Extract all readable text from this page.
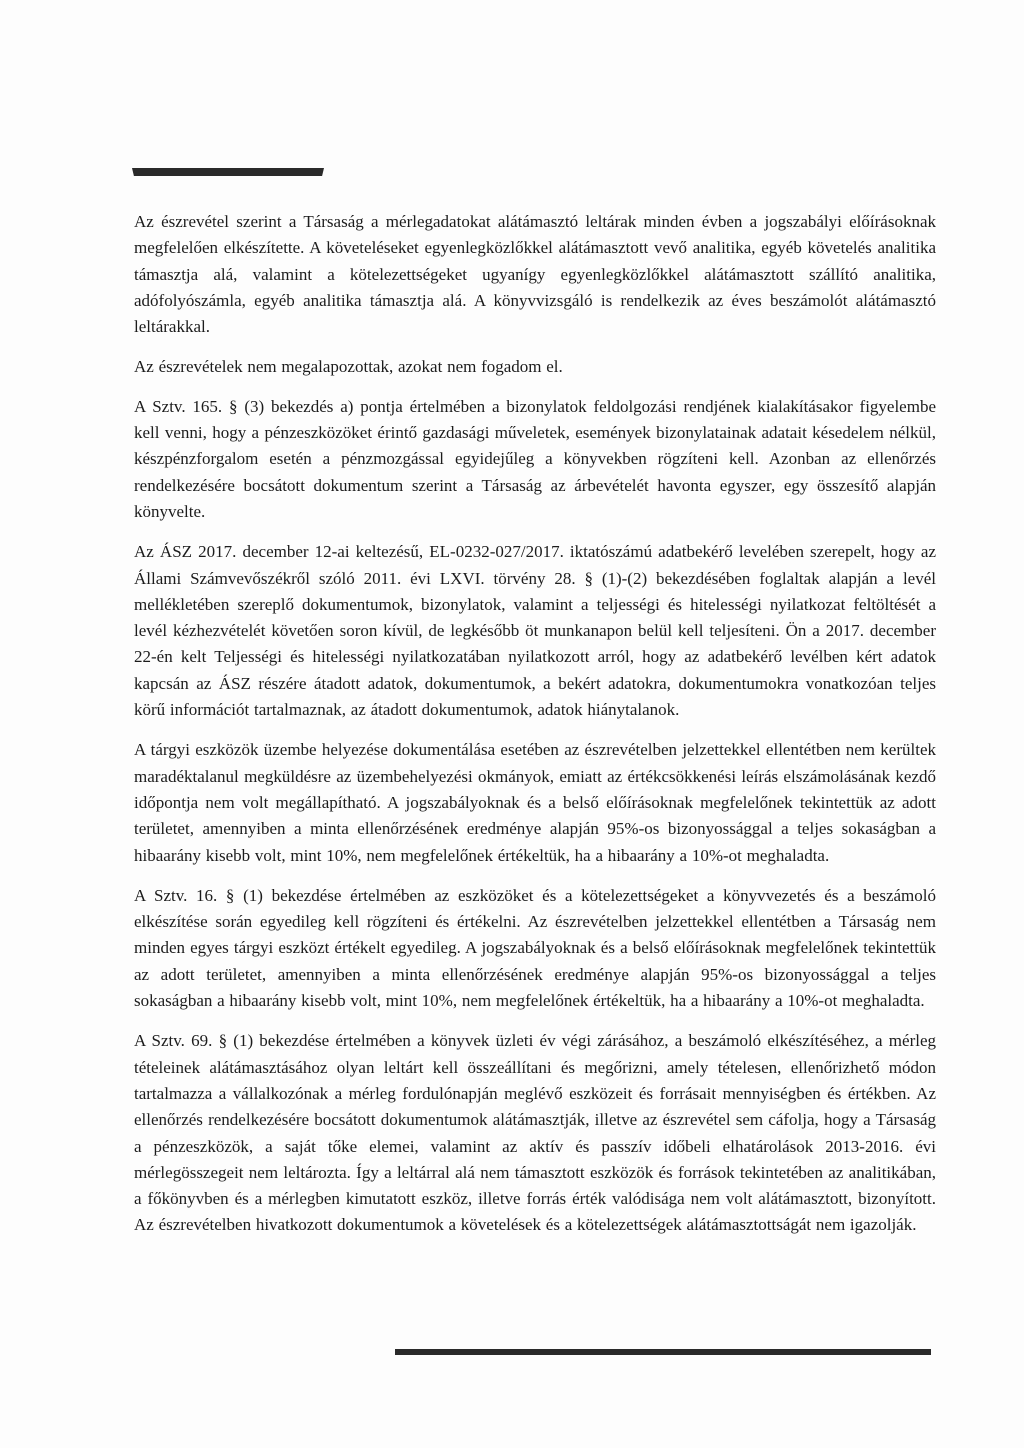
Az észrevétel szerint a Társaság a mérlegadatokat alátámasztó leltárak minden évben a jogszabályi előírásoknak megfelelően elkészítette. A követeléseket egyenlegközlőkkel alátámasztott vevő analitika, egyéb követelés analitika támasztja alá, valamint a kötelezettségeket ugyanígy egyenlegközlőkkel alátámasztott szállító analitika, adófolyószámla, egyéb analitika támasztja alá. A könyvvizsgáló is rendelkezik az éves beszámolót alátámasztó leltárakkal.

Az észrevételek nem megalapozottak, azokat nem fogadom el.

A Sztv. 165. § (3) bekezdés a) pontja értelmében a bizonylatok feldolgozási rendjének kialakításakor figyelembe kell venni, hogy a pénzeszközöket érintő gazdasági műveletek, események bizonylatainak adatait késedelem nélkül, készpénzforgalom esetén a pénzmozgással egyidejűleg a könyvekben rögzíteni kell. Azonban az ellenőrzés rendelkezésére bocsátott dokumentum szerint a Társaság az árbevételét havonta egyszer, egy összesítő alapján könyvelte.

Az ÁSZ 2017. december 12-ai keltezésű, EL-0232-027/2017. iktatószámú adatbekérő levelében szerepelt, hogy az Állami Számvevőszékről szóló 2011. évi LXVI. törvény 28. § (1)-(2) bekezdésében foglaltak alapján a levél mellékletében szereplő dokumentumok, bizonylatok, valamint a teljességi és hitelességi nyilatkozat feltöltését a levél kézhezvételét követően soron kívül, de legkésőbb öt munkanapon belül kell teljesíteni. Ön a 2017. december 22-én kelt Teljességi és hitelességi nyilatkozatában nyilatkozott arról, hogy az adatbekérő levélben kért adatok kapcsán az ÁSZ részére átadott adatok, dokumentumok, a bekért adatokra, dokumentumokra vonatkozóan teljes körű információt tartalmaznak, az átadott dokumentumok, adatok hiánytalanok.

A tárgyi eszközök üzembe helyezése dokumentálása esetében az észrevételben jelzettekkel ellentétben nem kerültek maradéktalanul megküldésre az üzembehelyezési okmányok, emiatt az értékcsökkenési leírás elszámolásának kezdő időpontja nem volt megállapítható. A jogszabályoknak és a belső előírásoknak megfelelőnek tekintettük az adott területet, amennyiben a minta ellenőrzésének eredménye alapján 95%-os bizonyossággal a teljes sokaságban a hibaarány kisebb volt, mint 10%, nem megfelelőnek értékeltük, ha a hibaarány a 10%-ot meghaladta.

A Sztv. 16. § (1) bekezdése értelmében az eszközöket és a kötelezettségeket a könyvvezetés és a beszámoló elkészítése során egyedileg kell rögzíteni és értékelni. Az észrevételben jelzettekkel ellentétben a Társaság nem minden egyes tárgyi eszközt értékelt egyedileg. A jogszabályoknak és a belső előírásoknak megfelelőnek tekintettük az adott területet, amennyiben a minta ellenőrzésének eredménye alapján 95%-os bizonyossággal a teljes sokaságban a hibaarány kisebb volt, mint 10%, nem megfelelőnek értékeltük, ha a hibaarány a 10%-ot meghaladta.

A Sztv. 69. § (1) bekezdése értelmében a könyvek üzleti év végi zárásához, a beszámoló elkészítéséhez, a mérleg tételeinek alátámasztásához olyan leltárt kell összeállítani és megőrizni, amely tételesen, ellenőrizhető módon tartalmazza a vállalkozónak a mérleg fordulónapján meglévő eszközeit és forrásait mennyiségben és értékben. Az ellenőrzés rendelkezésére bocsátott dokumentumok alátámasztják, illetve az észrevétel sem cáfolja, hogy a Társaság a pénzeszközök, a saját tőke elemei, valamint az aktív és passzív időbeli elhatárolások 2013-2016. évi mérlegösszegeit nem leltározta. Így a leltárral alá nem támasztott eszközök és források tekintetében az analitikában, a főkönyvben és a mérlegben kimutatott eszköz, illetve forrás érték valódisága nem volt alátámasztott, bizonyított. Az észrevételben hivatkozott dokumentumok a követelések és a kötelezettségek alátámasztottságát nem igazolják.
